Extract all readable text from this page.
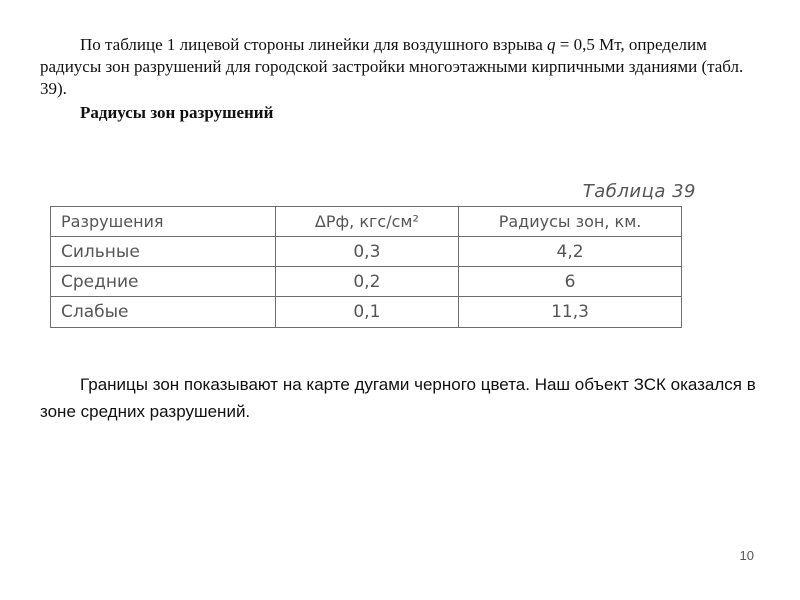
По таблице 1 лицевой стороны линейки для воздушного взрыва q = 0,5 Мт, определим радиусы зон разрушений для городской застройки многоэтажными кирпичными зданиями (табл. 39).

Радиусы зон разрушений

Таблица 39
Разрушения	ΔРф, кгс/см²	Радиусы зон, км.
Сильные	0,3	4,2
Средние	0,2	6
Слабые	0,1	11,3

Границы зон показывают на карте дугами черного цвета. Наш объект ЗСК оказался в зоне средних разрушений.

10
